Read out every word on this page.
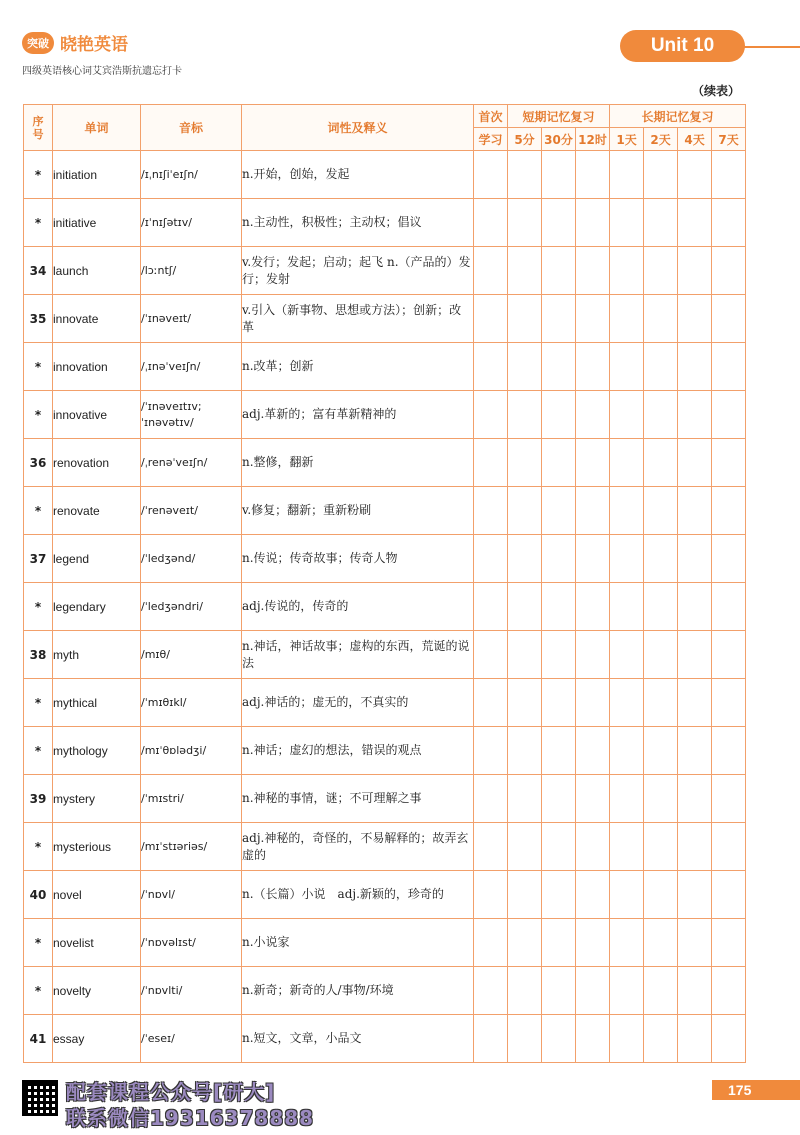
突破 晓艳英语
四级英语核心词艾宾浩斯抗遗忘打卡
Unit 10
（续表）
序号	单词	音标	词性及释义	首次	短期记忆复习			长期记忆复习			
				学习	5分	30分	12时	1天	2天	4天	7天
*	initiation	/ɪˌnɪʃiˈeɪʃn/	n.开始，创始，发起								
*	initiative	/ɪˈnɪʃətɪv/	n.主动性，积极性；主动权；倡议								
34	launch	/lɔːntʃ/	v.发行；发起；启动；起飞 n.（产品的）发行；发射								
35	innovate	/ˈɪnəveɪt/	v.引入（新事物、思想或方法）；创新；改革								
*	innovation	/ˌɪnəˈveɪʃn/	n.改革；创新								
*	innovative	/ˈɪnəveɪtɪv; ˈɪnəvətɪv/	adj.革新的；富有革新精神的								
36	renovation	/ˌrenəˈveɪʃn/	n.整修，翻新								
*	renovate	/ˈrenəveɪt/	v.修复；翻新；重新粉刷								
37	legend	/ˈledʒənd/	n.传说；传奇故事；传奇人物								
*	legendary	/ˈledʒəndri/	adj.传说的，传奇的								
38	myth	/mɪθ/	n.神话，神话故事；虚构的东西，荒诞的说法								
*	mythical	/ˈmɪθɪkl/	adj.神话的；虚无的，不真实的								
*	mythology	/mɪˈθɒlədʒi/	n.神话；虚幻的想法，错误的观点								
39	mystery	/ˈmɪstri/	n.神秘的事情，谜；不可理解之事								
*	mysterious	/mɪˈstɪəriəs/	adj.神秘的，奇怪的，不易解释的；故弄玄虚的								
40	novel	/ˈnɒvl/	n.（长篇）小说　adj.新颖的，珍奇的								
*	novelist	/ˈnɒvəlɪst/	n.小说家								
*	novelty	/ˈnɒvlti/	n.新奇；新奇的人/事物/环境								
41	essay	/ˈeseɪ/	n.短文，文章，小品文								
配套课程公众号[研大]
联系微信19316378888
175
